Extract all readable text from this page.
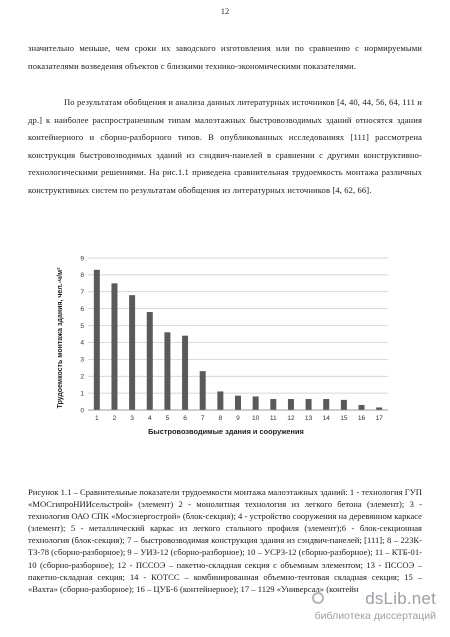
12

значительно меньше, чем сроки их заводского изготовления или по сравнению с нормируемыми показателями возведения объектов с близкими технико-экономическими показателями.

По результатам обобщения и анализа данных литературных источников [4, 40, 44, 56, 64, 111 и др.] к наиболее распространенным типам малоэтажных быстровозводимых зданий относятся здания контейнерного и сборно-разборного типов. В опубликованных исследованиях [111] рассмотрена конструкция быстровозводимых зданий из сэндвич-панелей в сравнении с другими конструктивно-технологическими решениями. На рис.1.1 приведена сравнительная трудоемкость монтажа различных конструктивных систем по результатам обобщения из литературных источников [4, 62, 66].

0
1
2
3
4
5
6
7
8
9
1 2 3 4 5 6 7 8 9 10 11 12 13 14 15 16 17
Трудоемкость монтажа здания, чел.-ч/м²
Быстровозводимые здания и сооружения

Рисунок 1.1 – Сравнительные показатели трудоемкости монтажа малоэтажных зданий: 1 - технология ГУП «МОСгипроНИИсельстрой» (элемент) 2 - монолитная технология из легкого бетона (элемент); 3 - технология ОАО СПК «Мосэнергострой» (блок-секция); 4 - устройство сооружения на деревянном каркасе (элемент); 5 - металлический каркас из легкого стального профиля (элемент);6 - блок-секционная технология (блок-секция); 7 – быстровозводимая конструкция здания из сэндвич-панелей; [111]; 8 – 223К-ТЗ-78 (сборно-разборное); 9 – УИЗ-12 (сборно-разборное); 10 – УСРЗ-12 (сборно-разборное); 11 – КТБ-01-10 (сборно-разборное); 12 - ПССОЭ – пакетно-складная секция с объемным элементом; 13 - ПССОЭ – пакетно-складная секция; 14 - КОТСС – комбинированная объемно-тентовая складная секция; 15 – «Вахта» (сборно-разборное); 16 – ЦУБ-6 (контейнерное); 17 – 1129 «Универсал» (контейн

dsLib.net
библиотека диссертаций
